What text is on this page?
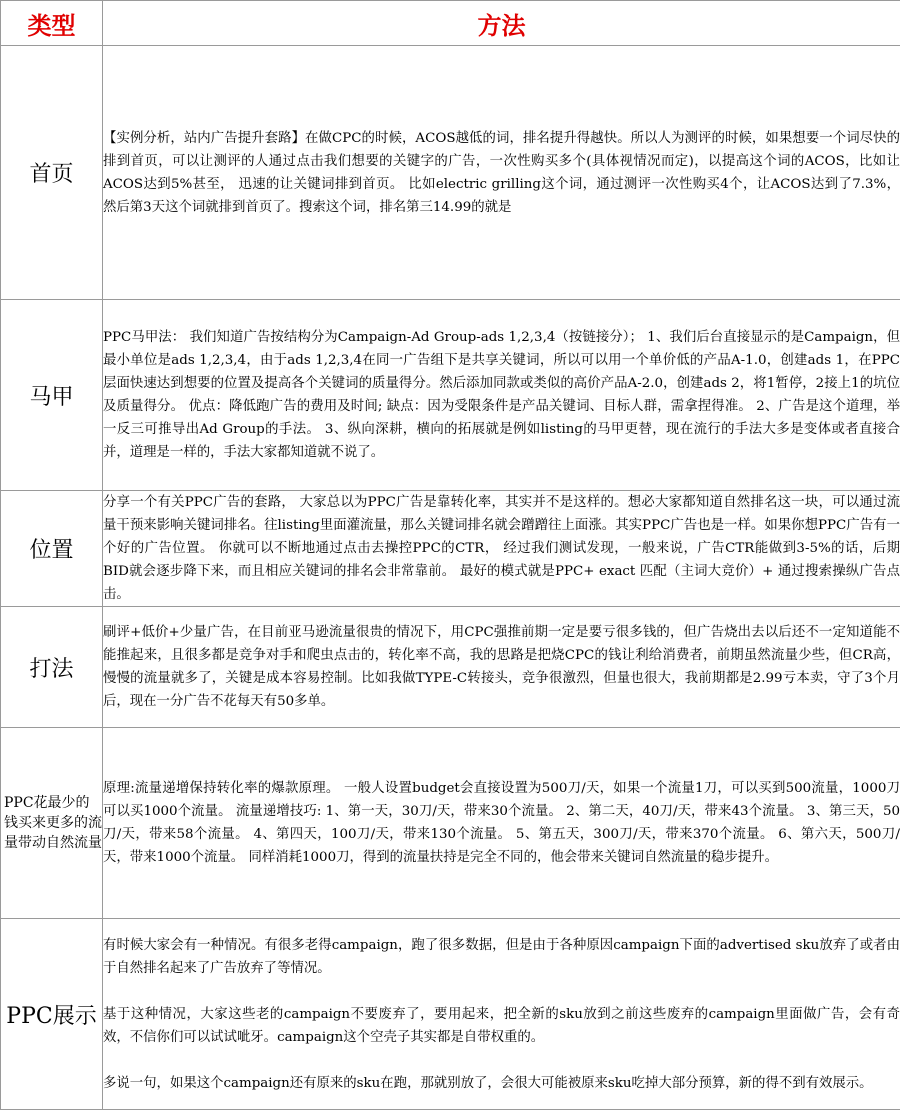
类型	方法
首页	【实例分析，站内广告提升套路】在做CPC的时候，ACOS越低的词，排名提升得越快。所以人为测评的时候，如果想要一个词尽快的排到首页，可以让测评的人通过点击我们想要的关键字的广告，一次性购买多个(具体视情况而定)，以提高这个词的ACOS，比如让ACOS达到5%甚至， 迅速的让关键词排到首页。 比如electric grilling这个词，通过测评一次性购买4个，让ACOS达到了7.3%， 然后第3天这个词就排到首页了。搜索这个词，排名第三14.99的就是

马甲	PPC马甲法： 我们知道广告按结构分为Campaign-Ad Group-ads 1,2,3,4（按链接分）； 1、我们后台直接显示的是Campaign，但最小单位是ads 1,2,3,4，由于ads 1,2,3,4在同一广告组下是共享关键词，所以可以用一个单价低的产品A-1.0，创建ads 1，在PPC层面快速达到想要的位置及提高各个关键词的质量得分。然后添加同款或类似的高价产品A-2.0，创建ads 2，将1暂停，2接上1的坑位及质量得分。 优点：降低跑广告的费用及时间; 缺点：因为受限条件是产品关键词、目标人群，需拿捏得准。 2、广告是这个道理，举一反三可推导出Ad Group的手法。 3、纵向深耕，横向的拓展就是例如listing的马甲更替，现在流行的手法大多是变体或者直接合并，道理是一样的，手法大家都知道就不说了。

位置	分享一个有关PPC广告的套路， 大家总以为PPC广告是靠转化率，其实并不是这样的。想必大家都知道自然排名这一块，可以通过流量干预来影响关键词排名。往listing里面灌流量，那么关键词排名就会蹭蹭往上面涨。其实PPC广告也是一样。如果你想PPC广告有一个好的广告位置。 你就可以不断地通过点击去操控PPC的CTR， 经过我们测试发现，一般来说，广告CTR能做到3-5%的话，后期BID就会逐步降下来，而且相应关键词的排名会非常靠前。 最好的模式就是PPC+ exact 匹配（主词大竞价）+ 通过搜索操纵广告点击。

打法	刷评+低价+少量广告，在目前亚马逊流量很贵的情况下，用CPC强推前期一定是要亏很多钱的，但广告烧出去以后还不一定知道能不能推起来，且很多都是竞争对手和爬虫点击的，转化率不高，我的思路是把烧CPC的钱让利给消费者，前期虽然流量少些，但CR高，慢慢的流量就多了，关键是成本容易控制。比如我做TYPE-C转接头，竞争很激烈，但量也很大，我前期都是2.99亏本卖，守了3个月后，现在一分广告不花每天有50多单。

PPC花最少的钱买来更多的流量带动自然流量	原理:流量递增保持转化率的爆款原理。 一般人设置budget会直接设置为500刀/天，如果一个流量1刀，可以买到500流量，1000刀可以买1000个流量。 流量递增技巧: 1、第一天，30刀/天，带来30个流量。 2、第二天，40刀/天，带来43个流量。 3、第三天，50刀/天，带来58个流量。 4、第四天，100刀/天，带来130个流量。 5、第五天，300刀/天，带来370个流量。 6、第六天，500刀/天，带来1000个流量。 同样消耗1000刀，得到的流量扶持是完全不同的，他会带来关键词自然流量的稳步提升。

PPC展示	有时候大家会有一种情况。有很多老得campaign，跑了很多数据，但是由于各种原因campaign下面的advertised sku放弃了或者由于自然排名起来了广告放弃了等情况。

基于这种情况，大家这些老的campaign不要废弃了，要用起来，把全新的sku放到之前这些废弃的campaign里面做广告，会有奇效，不信你们可以试试呲牙。campaign这个空壳子其实都是自带权重的。

多说一句，如果这个campaign还有原来的sku在跑，那就别放了，会很大可能被原来sku吃掉大部分预算，新的得不到有效展示。
